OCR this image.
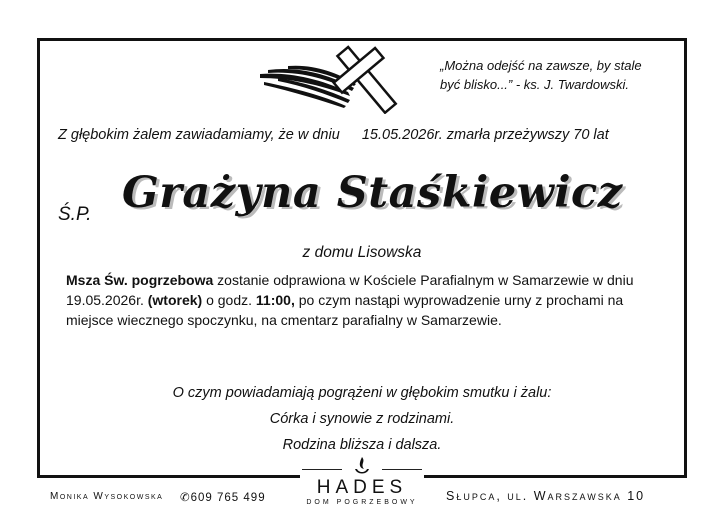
„Można odejść na zawsze, by stale
być blisko...” - ks. J. Twardowski.
Z głębokim żalem zawiadamiamy, że w dniu 15.05.2026r. zmarła przeżywszy 70 lat
Ś.P. Grażyna Staśkiewicz
z domu Lisowska
Msza Św. pogrzebowa zostanie odprawiona w Kościele Parafialnym w Samarzewie w dniu 19.05.2026r. (wtorek) o godz. 11:00, po czym nastąpi wyprowadzenie urny z prochami na miejsce wiecznego spoczynku, na cmentarz parafialny w Samarzewie.
O czym powiadamiają pogrążeni w głębokim smutku i żalu:
Córka i synowie z rodzinami.
Rodzina bliższa i dalsza.
HADES
DOM POGRZEBOWY
Monika Wysokowska ✆609 765 499	Słupca, ul. Warszawska 10
